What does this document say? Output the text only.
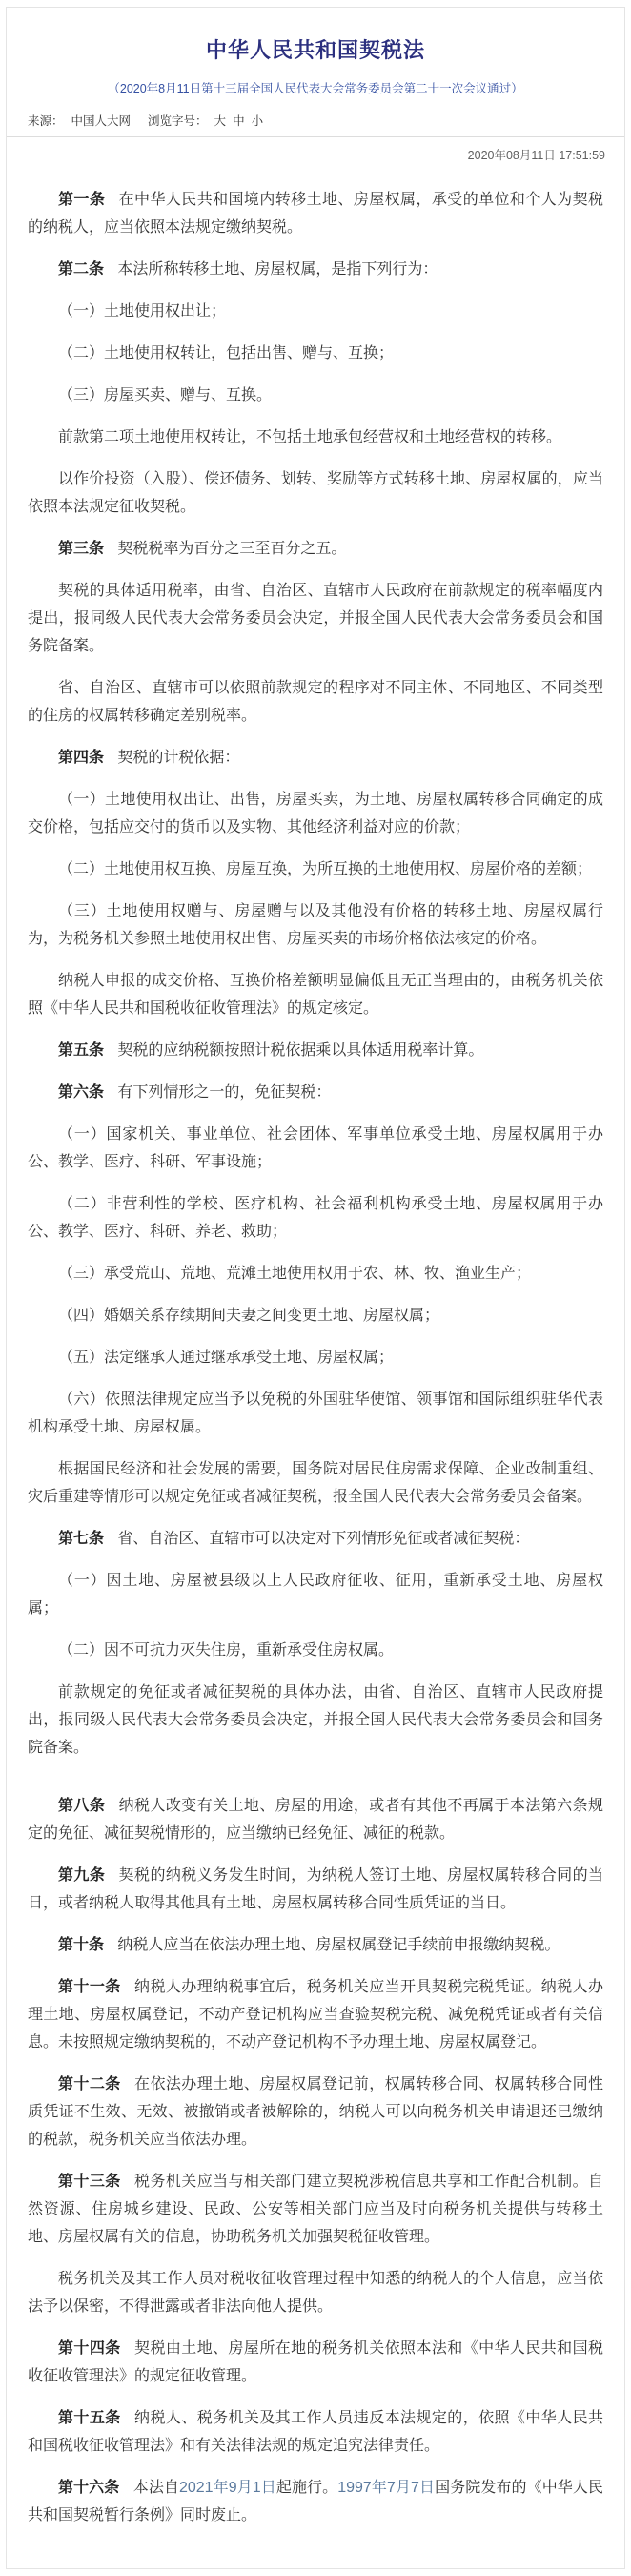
中华人民共和国契税法
（2020年8月11日第十三届全国人民代表大会常务委员会第二十一次会议通过）
来源： 中国人大网 浏览字号： 大 中 小
2020年08月11日 17:51:59

第一条 在中华人民共和国境内转移土地、房屋权属，承受的单位和个人为契税的纳税人，应当依照本法规定缴纳契税。

第二条 本法所称转移土地、房屋权属，是指下列行为：

（一）土地使用权出让；

（二）土地使用权转让，包括出售、赠与、互换；

（三）房屋买卖、赠与、互换。

前款第二项土地使用权转让，不包括土地承包经营权和土地经营权的转移。

以作价投资（入股）、偿还债务、划转、奖励等方式转移土地、房屋权属的，应当依照本法规定征收契税。

第三条 契税税率为百分之三至百分之五。

契税的具体适用税率，由省、自治区、直辖市人民政府在前款规定的税率幅度内提出，报同级人民代表大会常务委员会决定，并报全国人民代表大会常务委员会和国务院备案。

省、自治区、直辖市可以依照前款规定的程序对不同主体、不同地区、不同类型的住房的权属转移确定差别税率。

第四条 契税的计税依据：

（一）土地使用权出让、出售，房屋买卖，为土地、房屋权属转移合同确定的成交价格，包括应交付的货币以及实物、其他经济利益对应的价款；

（二）土地使用权互换、房屋互换，为所互换的土地使用权、房屋价格的差额；

（三）土地使用权赠与、房屋赠与以及其他没有价格的转移土地、房屋权属行为，为税务机关参照土地使用权出售、房屋买卖的市场价格依法核定的价格。

纳税人申报的成交价格、互换价格差额明显偏低且无正当理由的，由税务机关依照《中华人民共和国税收征收管理法》的规定核定。

第五条 契税的应纳税额按照计税依据乘以具体适用税率计算。

第六条 有下列情形之一的，免征契税：

（一）国家机关、事业单位、社会团体、军事单位承受土地、房屋权属用于办公、教学、医疗、科研、军事设施；

（二）非营利性的学校、医疗机构、社会福利机构承受土地、房屋权属用于办公、教学、医疗、科研、养老、救助；

（三）承受荒山、荒地、荒滩土地使用权用于农、林、牧、渔业生产；

（四）婚姻关系存续期间夫妻之间变更土地、房屋权属；

（五）法定继承人通过继承承受土地、房屋权属；

（六）依照法律规定应当予以免税的外国驻华使馆、领事馆和国际组织驻华代表机构承受土地、房屋权属。

根据国民经济和社会发展的需要，国务院对居民住房需求保障、企业改制重组、灾后重建等情形可以规定免征或者减征契税，报全国人民代表大会常务委员会备案。

第七条 省、自治区、直辖市可以决定对下列情形免征或者减征契税：

（一）因土地、房屋被县级以上人民政府征收、征用，重新承受土地、房屋权属；

（二）因不可抗力灭失住房，重新承受住房权属。

前款规定的免征或者减征契税的具体办法，由省、自治区、直辖市人民政府提出，报同级人民代表大会常务委员会决定，并报全国人民代表大会常务委员会和国务院备案。

第八条 纳税人改变有关土地、房屋的用途，或者有其他不再属于本法第六条规定的免征、减征契税情形的，应当缴纳已经免征、减征的税款。

第九条 契税的纳税义务发生时间，为纳税人签订土地、房屋权属转移合同的当日，或者纳税人取得其他具有土地、房屋权属转移合同性质凭证的当日。

第十条 纳税人应当在依法办理土地、房屋权属登记手续前申报缴纳契税。

第十一条 纳税人办理纳税事宜后，税务机关应当开具契税完税凭证。纳税人办理土地、房屋权属登记，不动产登记机构应当查验契税完税、减免税凭证或者有关信息。未按照规定缴纳契税的，不动产登记机构不予办理土地、房屋权属登记。

第十二条 在依法办理土地、房屋权属登记前，权属转移合同、权属转移合同性质凭证不生效、无效、被撤销或者被解除的，纳税人可以向税务机关申请退还已缴纳的税款，税务机关应当依法办理。

第十三条 税务机关应当与相关部门建立契税涉税信息共享和工作配合机制。自然资源、住房城乡建设、民政、公安等相关部门应当及时向税务机关提供与转移土地、房屋权属有关的信息，协助税务机关加强契税征收管理。

税务机关及其工作人员对税收征收管理过程中知悉的纳税人的个人信息，应当依法予以保密，不得泄露或者非法向他人提供。

第十四条 契税由土地、房屋所在地的税务机关依照本法和《中华人民共和国税收征收管理法》的规定征收管理。

第十五条 纳税人、税务机关及其工作人员违反本法规定的，依照《中华人民共和国税收征收管理法》和有关法律法规的规定追究法律责任。

第十六条 本法自2021年9月1日起施行。1997年7月7日国务院发布的《中华人民共和国契税暂行条例》同时废止。
